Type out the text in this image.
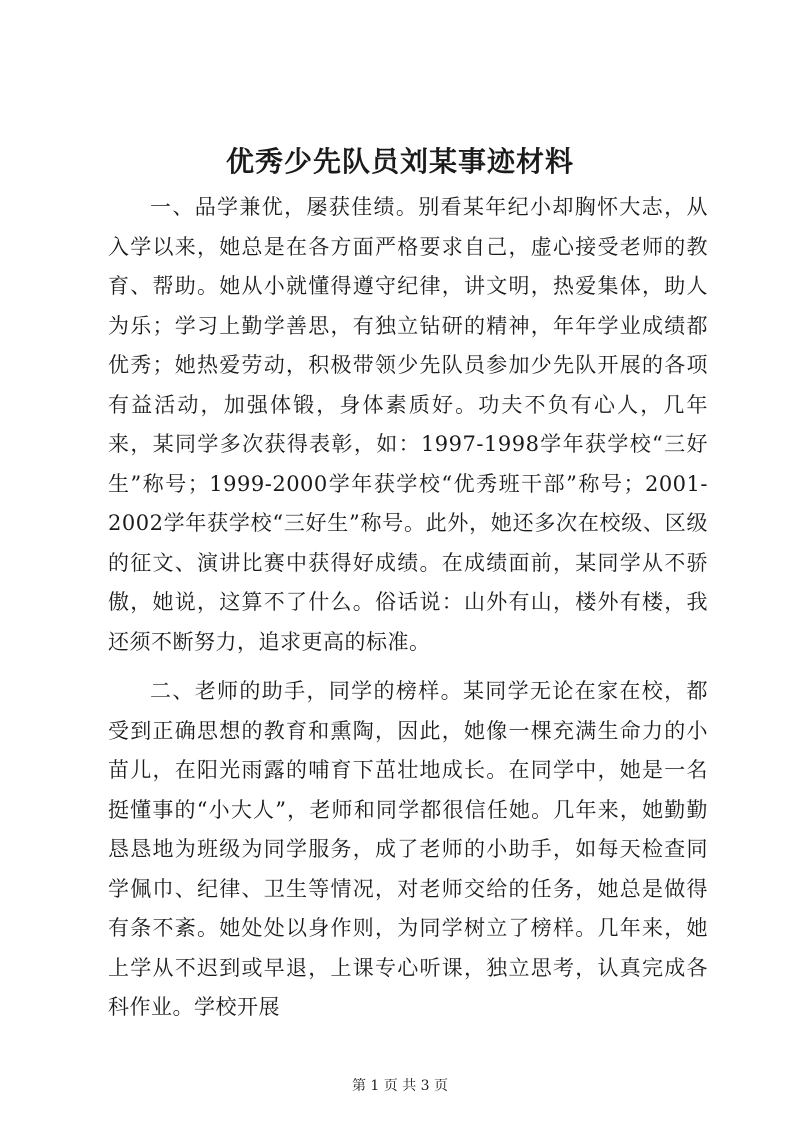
优秀少先队员刘某事迹材料

一、品学兼优，屡获佳绩。别看某年纪小却胸怀大志，从入学以来，她总是在各方面严格要求自己，虚心接受老师的教育、帮助。她从小就懂得遵守纪律，讲文明，热爱集体，助人为乐；学习上勤学善思，有独立钻研的精神，年年学业成绩都优秀；她热爱劳动，积极带领少先队员参加少先队开展的各项有益活动，加强体锻，身体素质好。功夫不负有心人，几年来，某同学多次获得表彰，如：1997-1998学年获学校“三好生”称号；1999-2000学年获学校“优秀班干部”称号；2001-2002学年获学校“三好生”称号。此外，她还多次在校级、区级的征文、演讲比赛中获得好成绩。在成绩面前，某同学从不骄傲，她说，这算不了什么。俗话说：山外有山，楼外有楼，我还须不断努力，追求更高的标准。

二、老师的助手，同学的榜样。某同学无论在家在校，都受到正确思想的教育和熏陶，因此，她像一棵充满生命力的小苗儿，在阳光雨露的哺育下茁壮地成长。在同学中，她是一名挺懂事的“小大人”，老师和同学都很信任她。几年来，她勤勤恳恳地为班级为同学服务，成了老师的小助手，如每天检查同学佩巾、纪律、卫生等情况，对老师交给的任务，她总是做得有条不紊。她处处以身作则，为同学树立了榜样。几年来，她上学从不迟到或早退，上课专心听课，独立思考，认真完成各科作业。学校开展

第 1 页 共 3 页
